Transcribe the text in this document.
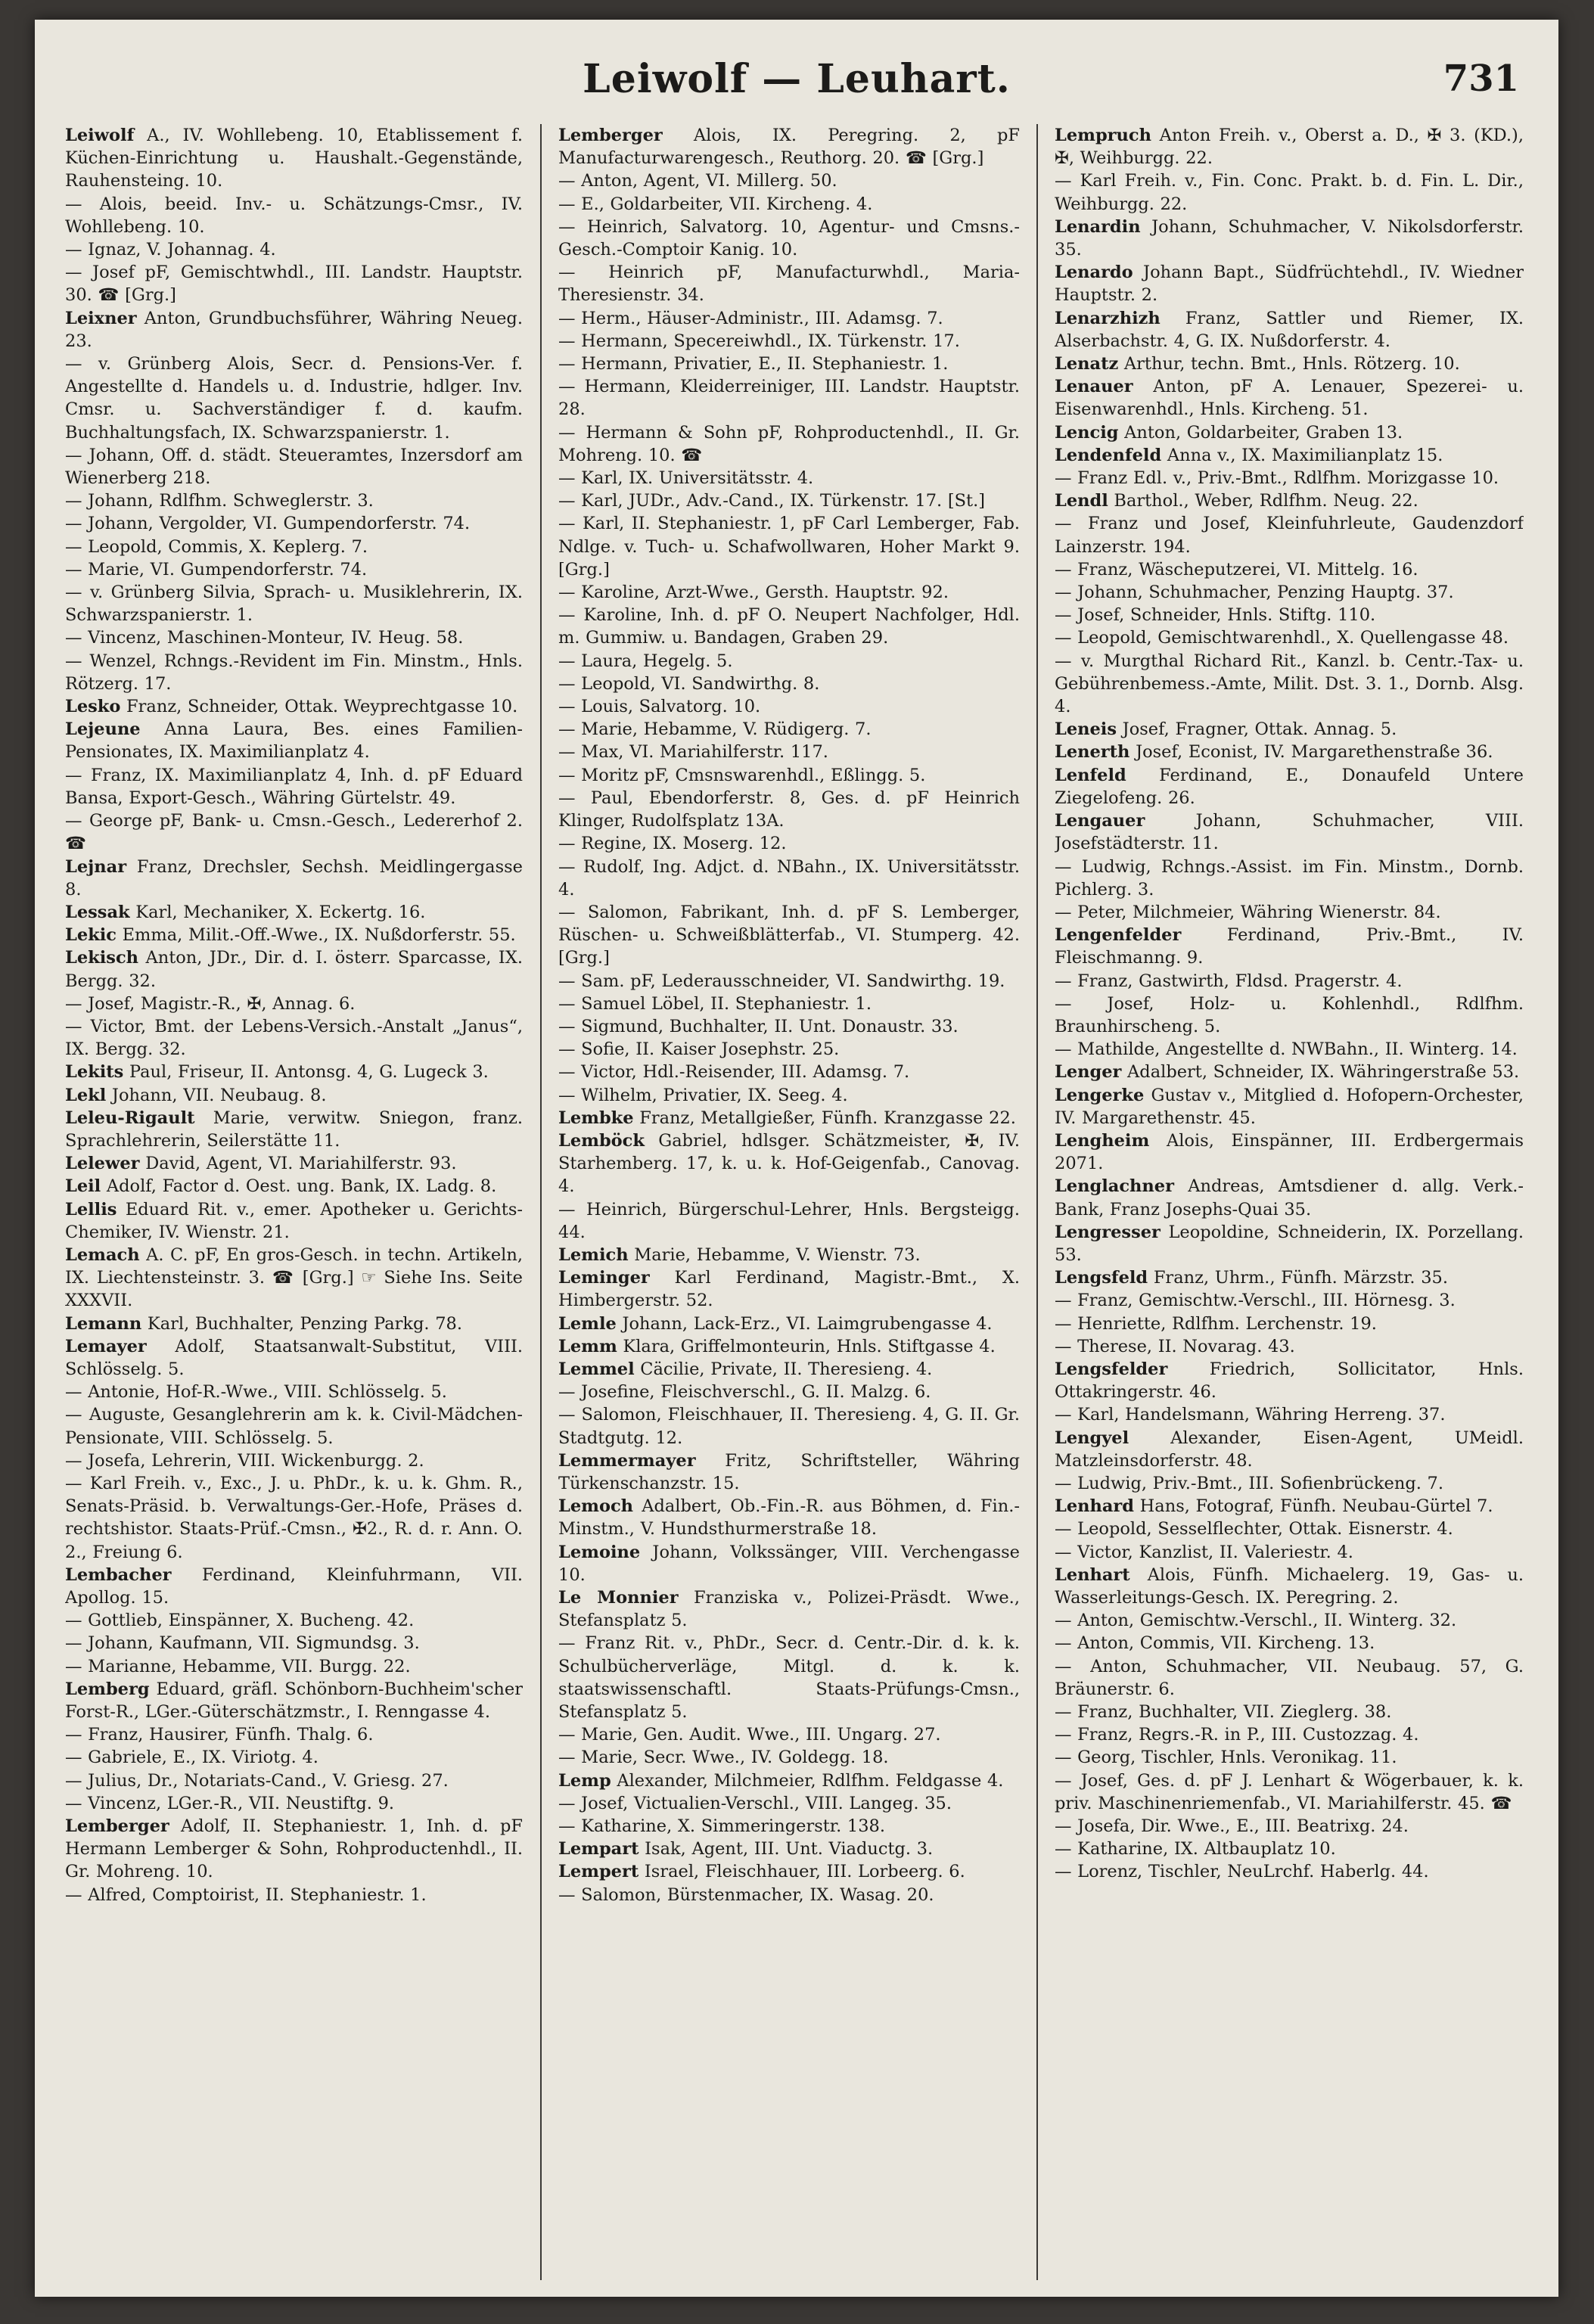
Leiwolf — Leuhart.	731

Leiwolf A., IV. Wohllebeng. 10, Etablissement f. Küchen-Einrichtung u. Haushalt.-Gegenstände, Rauhensteing. 10.

— Alois, beeid. Inv.- u. Schätzungs-Cmsr., IV. Wohllebeng. 10.

— Ignaz, V. Johannag. 4.

— Josef pF, Gemischtwhdl., III. Landstr. Hauptstr. 30. ☎ [Grg.]

Leixner Anton, Grundbuchsführer, Währing Neueg. 23.

— v. Grünberg Alois, Secr. d. Pensions-Ver. f. Angestellte d. Handels u. d. Industrie, hdlger. Inv. Cmsr. u. Sachverständiger f. d. kaufm. Buchhaltungsfach, IX. Schwarzspanierstr. 1.

— Johann, Off. d. städt. Steueramtes, Inzersdorf am Wienerberg 218.

— Johann, Rdlfhm. Schweglerstr. 3.

— Johann, Vergolder, VI. Gumpendorferstr. 74.

— Leopold, Commis, X. Keplerg. 7.

— Marie, VI. Gumpendorferstr. 74.

— v. Grünberg Silvia, Sprach- u. Musiklehrerin, IX. Schwarzspanierstr. 1.

— Vincenz, Maschinen-Monteur, IV. Heug. 58.

— Wenzel, Rchngs.-Revident im Fin. Minstm., Hnls. Rötzerg. 17.

Lesko Franz, Schneider, Ottak. Weyprechtgasse 10.

Lejeune Anna Laura, Bes. eines Familien-Pensionates, IX. Maximilianplatz 4.

— Franz, IX. Maximilianplatz 4, Inh. d. pF Eduard Bansa, Export-Gesch., Währing Gürtelstr. 49.

— George pF, Bank- u. Cmsn.-Gesch., Ledererhof 2. ☎

Lejnar Franz, Drechsler, Sechsh. Meidlingergasse 8.

Lessak Karl, Mechaniker, X. Eckertg. 16.

Lekic Emma, Milit.-Off.-Wwe., IX. Nußdorferstr. 55.

Lekisch Anton, JDr., Dir. d. I. österr. Sparcasse, IX. Bergg. 32.

— Josef, Magistr.-R., ✠, Annag. 6.

— Victor, Bmt. der Lebens-Versich.-Anstalt „Janus“, IX. Bergg. 32.

Lekits Paul, Friseur, II. Antonsg. 4, G. Lugeck 3.

Lekl Johann, VII. Neubaug. 8.

Leleu-Rigault Marie, verwitw. Sniegon, franz. Sprachlehrerin, Seilerstätte 11.

Lelewer David, Agent, VI. Mariahilferstr. 93.

Leil Adolf, Factor d. Oest. ung. Bank, IX. Ladg. 8.

Lellis Eduard Rit. v., emer. Apotheker u. Gerichts-Chemiker, IV. Wienstr. 21.

Lemach A. C. pF, En gros-Gesch. in techn. Artikeln, IX. Liechtensteinstr. 3. ☎ [Grg.] ☞ Siehe Ins. Seite XXXVII.

Lemann Karl, Buchhalter, Penzing Parkg. 78.

Lemayer Adolf, Staatsanwalt-Substitut, VIII. Schlösselg. 5.

— Antonie, Hof-R.-Wwe., VIII. Schlösselg. 5.

— Auguste, Gesanglehrerin am k. k. Civil-Mädchen-Pensionate, VIII. Schlösselg. 5.

— Josefa, Lehrerin, VIII. Wickenburgg. 2.

— Karl Freih. v., Exc., J. u. PhDr., k. u. k. Ghm. R., Senats-Präsid. b. Verwaltungs-Ger.-Hofe, Präses d. rechtshistor. Staats-Prüf.-Cmsn., ✠2., R. d. r. Ann. O. 2., Freiung 6.

Lembacher Ferdinand, Kleinfuhrmann, VII. Apollog. 15.

— Gottlieb, Einspänner, X. Bucheng. 42.

— Johann, Kaufmann, VII. Sigmundsg. 3.

— Marianne, Hebamme, VII. Burgg. 22.

Lemberg Eduard, gräfl. Schönborn-Buchheim'scher Forst-R., LGer.-Güterschätzmstr., I. Renngasse 4.

— Franz, Hausirer, Fünfh. Thalg. 6.

— Gabriele, E., IX. Viriotg. 4.

— Julius, Dr., Notariats-Cand., V. Griesg. 27.

— Vincenz, LGer.-R., VII. Neustiftg. 9.

Lemberger Adolf, II. Stephaniestr. 1, Inh. d. pF Hermann Lemberger & Sohn, Rohproductenhdl., II. Gr. Mohreng. 10.

— Alfred, Comptoirist, II. Stephaniestr. 1.

Lemberger Alois, IX. Peregring. 2, pF Manufacturwarengesch., Reuthorg. 20. ☎ [Grg.]

— Anton, Agent, VI. Millerg. 50.

— E., Goldarbeiter, VII. Kircheng. 4.

— Heinrich, Salvatorg. 10, Agentur- und Cmsns.-Gesch.-Comptoir Kanig. 10.

— Heinrich pF, Manufacturwhdl., Maria-Theresienstr. 34.

— Herm., Häuser-Administr., III. Adamsg. 7.

— Hermann, Specereiwhdl., IX. Türkenstr. 17.

— Hermann, Privatier, E., II. Stephaniestr. 1.

— Hermann, Kleiderreiniger, III. Landstr. Hauptstr. 28.

— Hermann & Sohn pF, Rohproductenhdl., II. Gr. Mohreng. 10. ☎

— Karl, IX. Universitätsstr. 4.

— Karl, JUDr., Adv.-Cand., IX. Türkenstr. 17. [St.]

— Karl, II. Stephaniestr. 1, pF Carl Lemberger, Fab. Ndlge. v. Tuch- u. Schafwollwaren, Hoher Markt 9. [Grg.]

— Karoline, Arzt-Wwe., Gersth. Hauptstr. 92.

— Karoline, Inh. d. pF O. Neupert Nachfolger, Hdl. m. Gummiw. u. Bandagen, Graben 29.

— Laura, Hegelg. 5.

— Leopold, VI. Sandwirthg. 8.

— Louis, Salvatorg. 10.

— Marie, Hebamme, V. Rüdigerg. 7.

— Max, VI. Mariahilferstr. 117.

— Moritz pF, Cmsnswarenhdl., Eßlingg. 5.

— Paul, Ebendorferstr. 8, Ges. d. pF Heinrich Klinger, Rudolfsplatz 13A.

— Regine, IX. Moserg. 12.

— Rudolf, Ing. Adjct. d. NBahn., IX. Universitätsstr. 4.

— Salomon, Fabrikant, Inh. d. pF S. Lemberger, Rüschen- u. Schweißblätterfab., VI. Stumperg. 42. [Grg.]

— Sam. pF, Lederausschneider, VI. Sandwirthg. 19.

— Samuel Löbel, II. Stephaniestr. 1.

— Sigmund, Buchhalter, II. Unt. Donaustr. 33.

— Sofie, II. Kaiser Josephstr. 25.

— Victor, Hdl.-Reisender, III. Adamsg. 7.

— Wilhelm, Privatier, IX. Seeg. 4.

Lembke Franz, Metallgießer, Fünfh. Kranzgasse 22.

Lemböck Gabriel, hdlsger. Schätzmeister, ✠, IV. Starhemberg. 17, k. u. k. Hof-Geigenfab., Canovag. 4.

— Heinrich, Bürgerschul-Lehrer, Hnls. Bergsteigg. 44.

Lemich Marie, Hebamme, V. Wienstr. 73.

Leminger Karl Ferdinand, Magistr.-Bmt., X. Himbergerstr. 52.

Lemle Johann, Lack-Erz., VI. Laimgrubengasse 4.

Lemm Klara, Griffelmonteurin, Hnls. Stiftgasse 4.

Lemmel Cäcilie, Private, II. Theresieng. 4.

— Josefine, Fleischverschl., G. II. Malzg. 6.

— Salomon, Fleischhauer, II. Theresieng. 4, G. II. Gr. Stadtgutg. 12.

Lemmermayer Fritz, Schriftsteller, Währing Türkenschanzstr. 15.

Lemoch Adalbert, Ob.-Fin.-R. aus Böhmen, d. Fin.-Minstm., V. Hundsthurmerstraße 18.

Lemoine Johann, Volkssänger, VIII. Verchengasse 10.

Le Monnier Franziska v., Polizei-Präsdt. Wwe., Stefansplatz 5.

— Franz Rit. v., PhDr., Secr. d. Centr.-Dir. d. k. k. Schulbücherverläge, Mitgl. d. k. k. staatswissenschaftl. Staats-Prüfungs-Cmsn., Stefansplatz 5.

— Marie, Gen. Audit. Wwe., III. Ungarg. 27.

— Marie, Secr. Wwe., IV. Goldegg. 18.

Lemp Alexander, Milchmeier, Rdlfhm. Feldgasse 4.

— Josef, Victualien-Verschl., VIII. Langeg. 35.

— Katharine, X. Simmeringerstr. 138.

Lempart Isak, Agent, III. Unt. Viaductg. 3.

Lempert Israel, Fleischhauer, III. Lorbeerg. 6.

— Salomon, Bürstenmacher, IX. Wasag. 20.

Lempruch Anton Freih. v., Oberst a. D., ✠ 3. (KD.), ✠, Weihburgg. 22.

— Karl Freih. v., Fin. Conc. Prakt. b. d. Fin. L. Dir., Weihburgg. 22.

Lenardin Johann, Schuhmacher, V. Nikolsdorferstr. 35.

Lenardo Johann Bapt., Südfrüchtehdl., IV. Wiedner Hauptstr. 2.

Lenarzhizh Franz, Sattler und Riemer, IX. Alserbachstr. 4, G. IX. Nußdorferstr. 4.

Lenatz Arthur, techn. Bmt., Hnls. Rötzerg. 10.

Lenauer Anton, pF A. Lenauer, Spezerei- u. Eisenwarenhdl., Hnls. Kircheng. 51.

Lencig Anton, Goldarbeiter, Graben 13.

Lendenfeld Anna v., IX. Maximilianplatz 15.

— Franz Edl. v., Priv.-Bmt., Rdlfhm. Morizgasse 10.

Lendl Barthol., Weber, Rdlfhm. Neug. 22.

— Franz und Josef, Kleinfuhrleute, Gaudenzdorf Lainzerstr. 194.

— Franz, Wäscheputzerei, VI. Mittelg. 16.

— Johann, Schuhmacher, Penzing Hauptg. 37.

— Josef, Schneider, Hnls. Stiftg. 110.

— Leopold, Gemischtwarenhdl., X. Quellengasse 48.

— v. Murgthal Richard Rit., Kanzl. b. Centr.-Tax- u. Gebührenbemess.-Amte, Milit. Dst. 3. 1., Dornb. Alsg. 4.

Leneis Josef, Fragner, Ottak. Annag. 5.

Lenerth Josef, Econist, IV. Margarethenstraße 36.

Lenfeld Ferdinand, E., Donaufeld Untere Ziegelofeng. 26.

Lengauer Johann, Schuhmacher, VIII. Josefstädterstr. 11.

— Ludwig, Rchngs.-Assist. im Fin. Minstm., Dornb. Pichlerg. 3.

— Peter, Milchmeier, Währing Wienerstr. 84.

Lengenfelder Ferdinand, Priv.-Bmt., IV. Fleischmanng. 9.

— Franz, Gastwirth, Fldsd. Pragerstr. 4.

— Josef, Holz- u. Kohlenhdl., Rdlfhm. Braunhirscheng. 5.

— Mathilde, Angestellte d. NWBahn., II. Winterg. 14.

Lenger Adalbert, Schneider, IX. Währingerstraße 53.

Lengerke Gustav v., Mitglied d. Hofopern-Orchester, IV. Margarethenstr. 45.

Lengheim Alois, Einspänner, III. Erdbergermais 2071.

Lenglachner Andreas, Amtsdiener d. allg. Verk.-Bank, Franz Josephs-Quai 35.

Lengresser Leopoldine, Schneiderin, IX. Porzellang. 53.

Lengsfeld Franz, Uhrm., Fünfh. Märzstr. 35.

— Franz, Gemischtw.-Verschl., III. Hörnesg. 3.

— Henriette, Rdlfhm. Lerchenstr. 19.

— Therese, II. Novarag. 43.

Lengsfelder Friedrich, Sollicitator, Hnls. Ottakringerstr. 46.

— Karl, Handelsmann, Währing Herreng. 37.

Lengyel Alexander, Eisen-Agent, UMeidl. Matzleinsdorferstr. 48.

— Ludwig, Priv.-Bmt., III. Sofienbrückeng. 7.

Lenhard Hans, Fotograf, Fünfh. Neubau-Gürtel 7.

— Leopold, Sesselflechter, Ottak. Eisnerstr. 4.

— Victor, Kanzlist, II. Valeriestr. 4.

Lenhart Alois, Fünfh. Michaelerg. 19, Gas- u. Wasserleitungs-Gesch. IX. Peregring. 2.

— Anton, Gemischtw.-Verschl., II. Winterg. 32.

— Anton, Commis, VII. Kircheng. 13.

— Anton, Schuhmacher, VII. Neubaug. 57, G. Bräunerstr. 6.

— Franz, Buchhalter, VII. Zieglerg. 38.

— Franz, Regrs.-R. in P., III. Custozzag. 4.

— Georg, Tischler, Hnls. Veronikag. 11.

— Josef, Ges. d. pF J. Lenhart & Wögerbauer, k. k. priv. Maschinenriemenfab., VI. Mariahilferstr. 45. ☎

— Josefa, Dir. Wwe., E., III. Beatrixg. 24.

— Katharine, IX. Altbauplatz 10.

— Lorenz, Tischler, NeuLrchf. Haberlg. 44.
